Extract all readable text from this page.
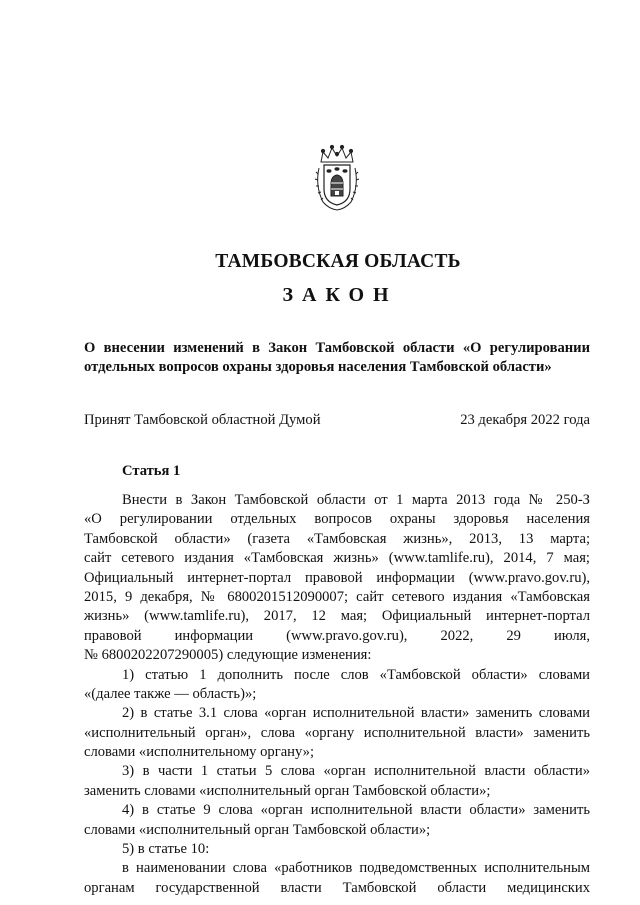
ТАМБОВСКАЯ ОБЛАСТЬ
ЗАКОН
О внесении изменений в Закон Тамбовской области «О регулировании
отдельных вопросов охраны здоровья населения Тамбовской области»
Принят Тамбовской областной Думой	23 декабря 2022 года
Статья 1
Внести в Закон Тамбовской области от 1 марта 2013 года № 250-З
«О регулировании отдельных вопросов охраны здоровья населения
Тамбовской области» (газета «Тамбовская жизнь», 2013, 13 марта;
сайт сетевого издания «Тамбовская жизнь» (www.tamlife.ru), 2014, 7 мая;
Официальный интернет-портал правовой информации (www.pravo.gov.ru),
2015, 9 декабря, № 6800201512090007; сайт сетевого издания «Тамбовская
жизнь» (www.tamlife.ru), 2017, 12 мая; Официальный интернет-портал
правовой информации (www.pravo.gov.ru), 2022, 29 июля,
№ 6800202207290005) следующие изменения:
1) статью 1 дополнить после слов «Тамбовской области» словами
«(далее также — область)»;
2) в статье 3.1 слова «орган исполнительной власти» заменить словами
«исполнительный орган», слова «органу исполнительной власти» заменить
словами «исполнительному органу»;
3) в части 1 статьи 5 слова «орган исполнительной власти области»
заменить словами «исполнительный орган Тамбовской области»;
4) в статье 9 слова «орган исполнительной власти области» заменить
словами «исполнительный орган Тамбовской области»;
5) в статье 10:
в наименовании слова «работников подведомственных исполнительным
органам государственной власти Тамбовской области медицинских
